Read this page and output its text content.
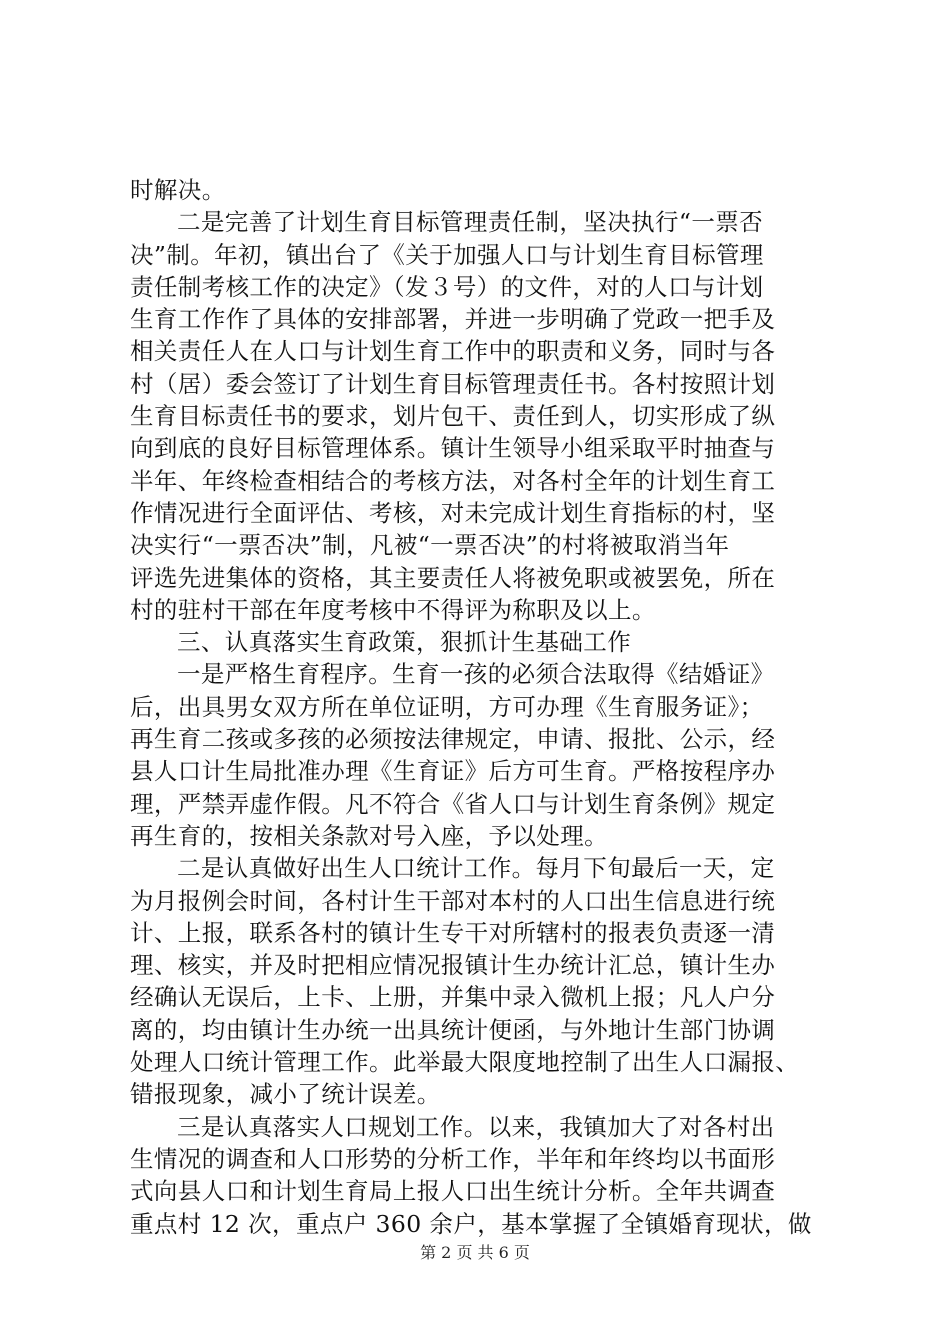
时解决。
二是完善了计划生育目标管理责任制，坚决执行“一票否
决”制。年初，镇出台了《关于加强人口与计划生育目标管理
责任制考核工作的决定》（发３号）的文件，对的人口与计划
生育工作作了具体的安排部署，并进一步明确了党政一把手及
相关责任人在人口与计划生育工作中的职责和义务，同时与各
村（居）委会签订了计划生育目标管理责任书。各村按照计划
生育目标责任书的要求，划片包干、责任到人，切实形成了纵
向到底的良好目标管理体系。镇计生领导小组采取平时抽查与
半年、年终检查相结合的考核方法，对各村全年的计划生育工
作情况进行全面评估、考核，对未完成计划生育指标的村，坚
决实行“一票否决”制，凡被“一票否决”的村将被取消当年
评选先进集体的资格，其主要责任人将被免职或被罢免，所在
村的驻村干部在年度考核中不得评为称职及以上。
三、认真落实生育政策，狠抓计生基础工作
一是严格生育程序。生育一孩的必须合法取得《结婚证》
后，出具男女双方所在单位证明，方可办理《生育服务证》；
再生育二孩或多孩的必须按法律规定，申请、报批、公示，经
县人口计生局批准办理《生育证》后方可生育。严格按程序办
理，严禁弄虚作假。凡不符合《省人口与计划生育条例》规定
再生育的，按相关条款对号入座，予以处理。
二是认真做好出生人口统计工作。每月下旬最后一天，定
为月报例会时间，各村计生干部对本村的人口出生信息进行统
计、上报，联系各村的镇计生专干对所辖村的报表负责逐一清
理、核实，并及时把相应情况报镇计生办统计汇总，镇计生办
经确认无误后，上卡、上册，并集中录入微机上报；凡人户分
离的，均由镇计生办统一出具统计便函，与外地计生部门协调
处理人口统计管理工作。此举最大限度地控制了出生人口漏报、
错报现象，减小了统计误差。
三是认真落实人口规划工作。以来，我镇加大了对各村出
生情况的调查和人口形势的分析工作，半年和年终均以书面形
式向县人口和计划生育局上报人口出生统计分析。全年共调查
重点村 12 次，重点户 360 余户，基本掌握了全镇婚育现状，做
第 2 页 共 6 页
